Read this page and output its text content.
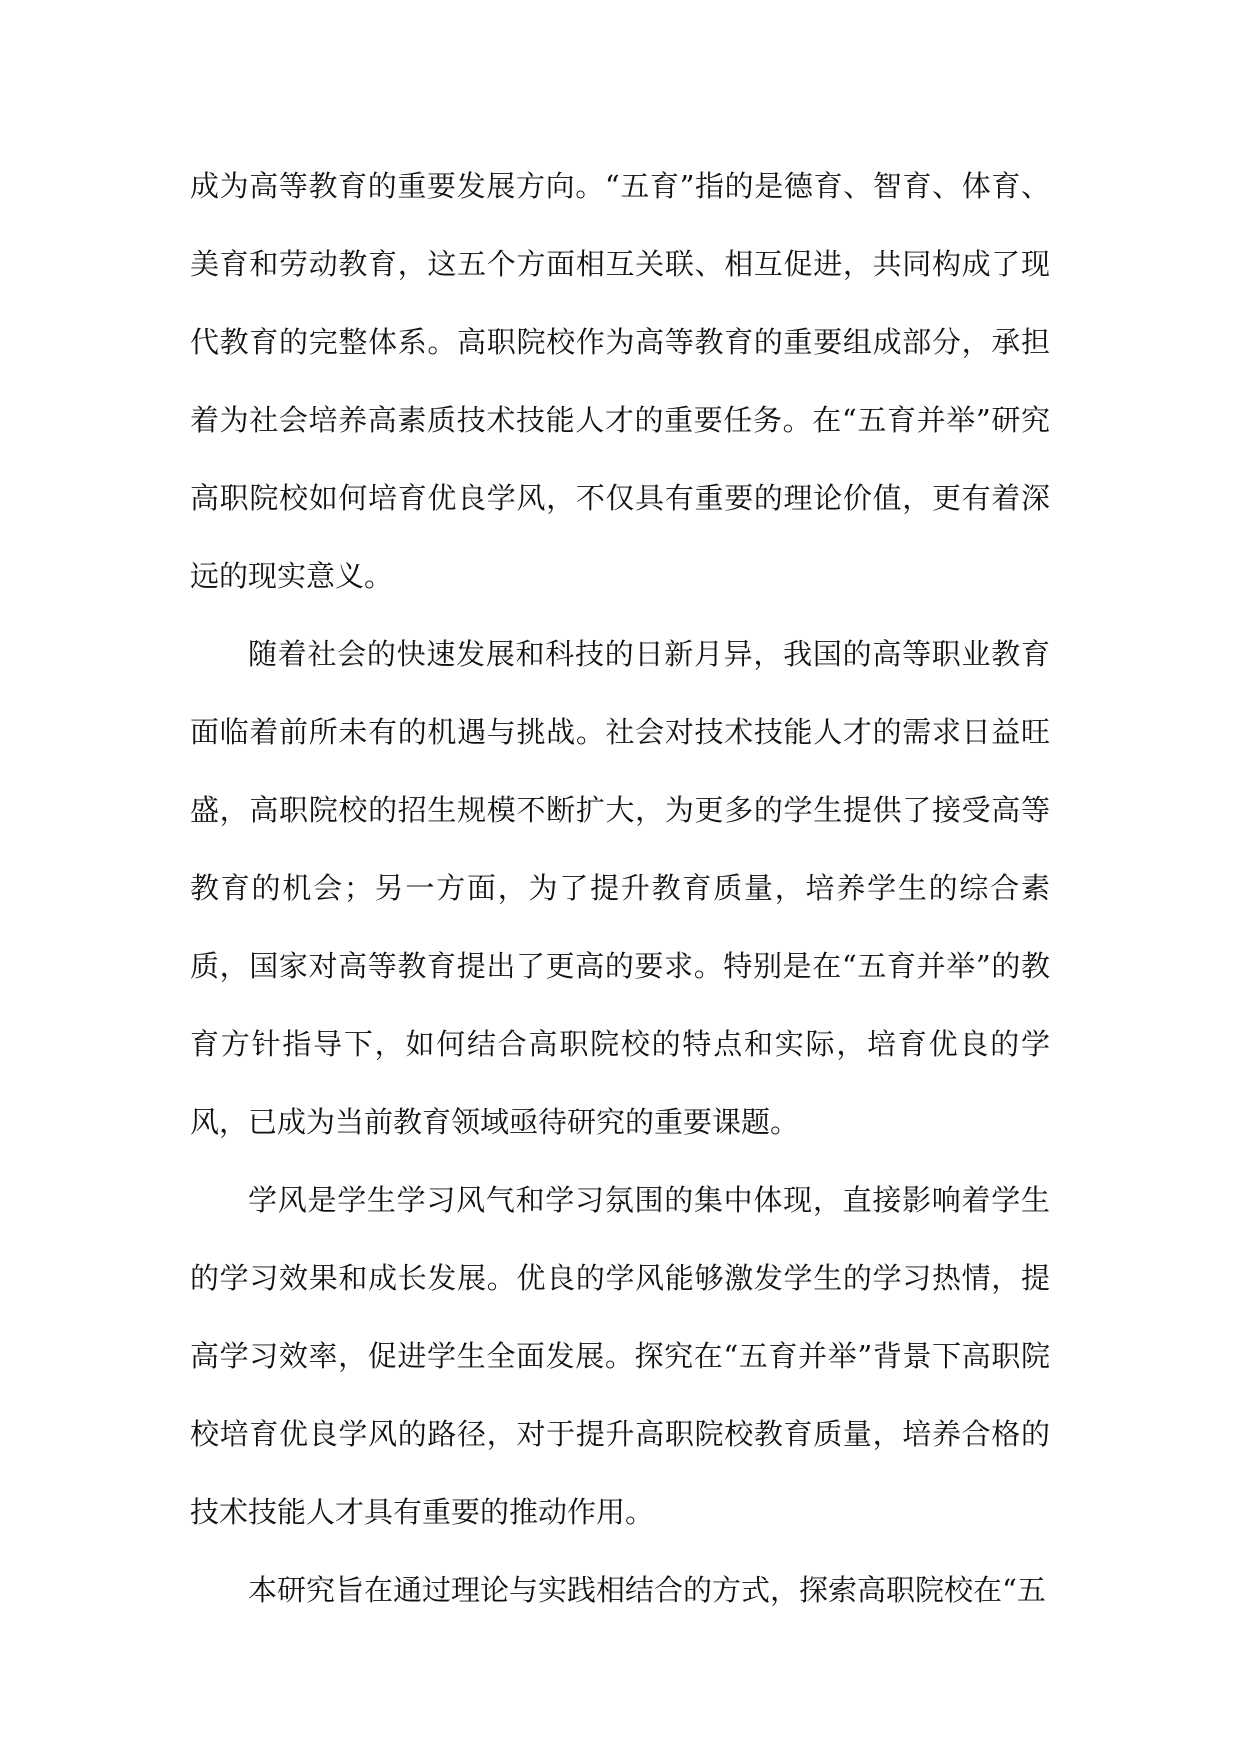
成为高等教育的重要发展方向。“五育”指的是德育、智育、体育、美育和劳动教育，这五个方面相互关联、相互促进，共同构成了现代教育的完整体系。高职院校作为高等教育的重要组成部分，承担着为社会培养高素质技术技能人才的重要任务。在“五育并举”研究高职院校如何培育优良学风，不仅具有重要的理论价值，更有着深远的现实意义。

随着社会的快速发展和科技的日新月异，我国的高等职业教育面临着前所未有的机遇与挑战。社会对技术技能人才的需求日益旺盛，高职院校的招生规模不断扩大，为更多的学生提供了接受高等教育的机会；另一方面，为了提升教育质量，培养学生的综合素质，国家对高等教育提出了更高的要求。特别是在“五育并举”的教育方针指导下，如何结合高职院校的特点和实际，培育优良的学风，已成为当前教育领域亟待研究的重要课题。

学风是学生学习风气和学习氛围的集中体现，直接影响着学生的学习效果和成长发展。优良的学风能够激发学生的学习热情，提高学习效率，促进学生全面发展。探究在“五育并举”背景下高职院校培育优良学风的路径，对于提升高职院校教育质量，培养合格的技术技能人才具有重要的推动作用。

本研究旨在通过理论与实践相结合的方式，探索高职院校在“五
